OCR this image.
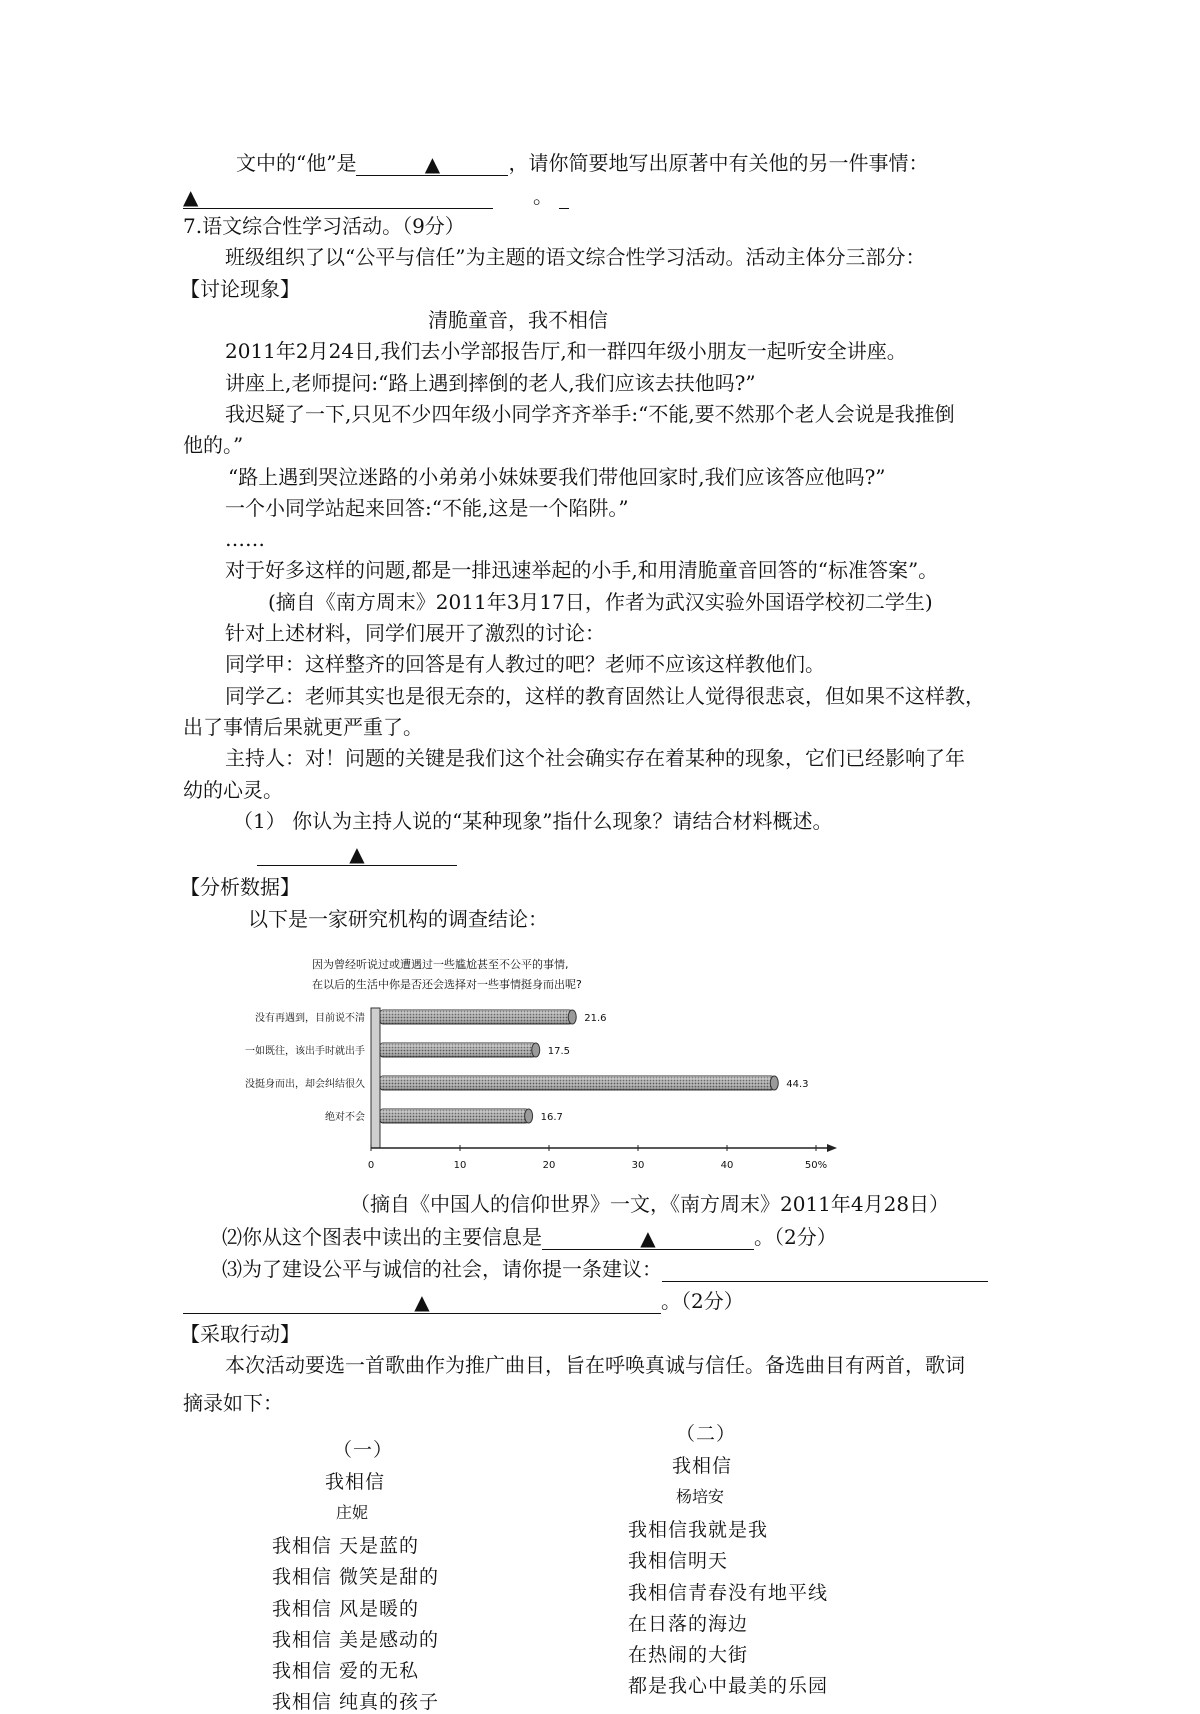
文中的“他”是	▲	，请你简要地写出原著中有关他的另一件事情：
▲	。
7.语文综合性学习活动。（9分）
班级组织了以“公平与信任”为主题的语文综合性学习活动。活动主体分三部分：
【讨论现象】
清脆童音，我不相信
2011年2月24日,我们去小学部报告厅,和一群四年级小朋友一起听安全讲座。
讲座上,老师提问:“路上遇到摔倒的老人,我们应该去扶他吗?”
我迟疑了一下,只见不少四年级小同学齐齐举手:“不能,要不然那个老人会说是我推倒
他的。”
“路上遇到哭泣迷路的小弟弟小妹妹要我们带他回家时,我们应该答应他吗?”
一个小同学站起来回答:“不能,这是一个陷阱。”
……
对于好多这样的问题,都是一排迅速举起的小手,和用清脆童音回答的“标准答案”。
(摘自《南方周末》2011年3月17日，作者为武汉实验外国语学校初二学生)
针对上述材料，同学们展开了激烈的讨论：
同学甲：这样整齐的回答是有人教过的吧？老师不应该这样教他们。
同学乙：老师其实也是很无奈的，这样的教育固然让人觉得很悲哀，但如果不这样教，
出了事情后果就更严重了。
主持人：对！问题的关键是我们这个社会确实存在着某种的现象，它们已经影响了年
幼的心灵。
（1） 你认为主持人说的“某种现象”指什么现象？请结合材料概述。
▲
【分析数据】
以下是一家研究机构的调查结论：
因为曾经听说过或遭遇过一些尴尬甚至不公平的事情,
在以后的生活中你是否还会选择对一些事情挺身而出呢?
没有再遇到，目前说不清	21.6
一如既往，该出手时就出手	17.5
没挺身而出，却会纠结很久	44.3
绝对不会	16.7
0	10	20	30	40	50%
（摘自《中国人的信仰世界》一文，《南方周末》2011年4月28日）
⑵你从这个图表中读出的主要信息是	▲	。（2分）
⑶为了建设公平与诚信的社会，请你提一条建议：
▲	。（2分）
【采取行动】
本次活动要选一首歌曲作为推广曲目，旨在呼唤真诚与信任。备选曲目有两首，歌词
摘录如下：
（一）
我相信
庄妮
我相信 天是蓝的
我相信 微笑是甜的
我相信 风是暖的
我相信 美是感动的
我相信 爱的无私
我相信 纯真的孩子
（二）
我相信
杨培安
我相信我就是我
我相信明天
我相信青春没有地平线
在日落的海边
在热闹的大街
都是我心中最美的乐园
